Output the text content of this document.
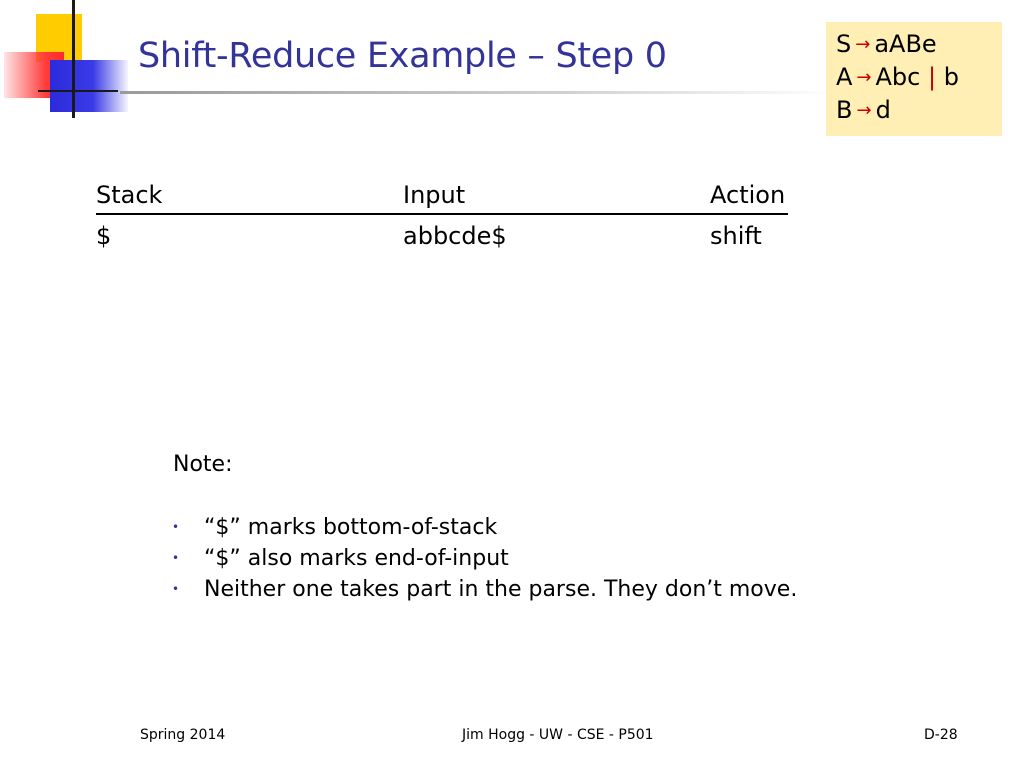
Shift-Reduce Example – Step 0	S → aABe
A → Abc | b
B → d
Stack	Input	Action
$	abbcde$	shift
Note:
• “$” marks bottom-of-stack
• “$” also marks end-of-input
• Neither one takes part in the parse. They don’t move.
Spring 2014	Jim Hogg - UW - CSE - P501	D-28
